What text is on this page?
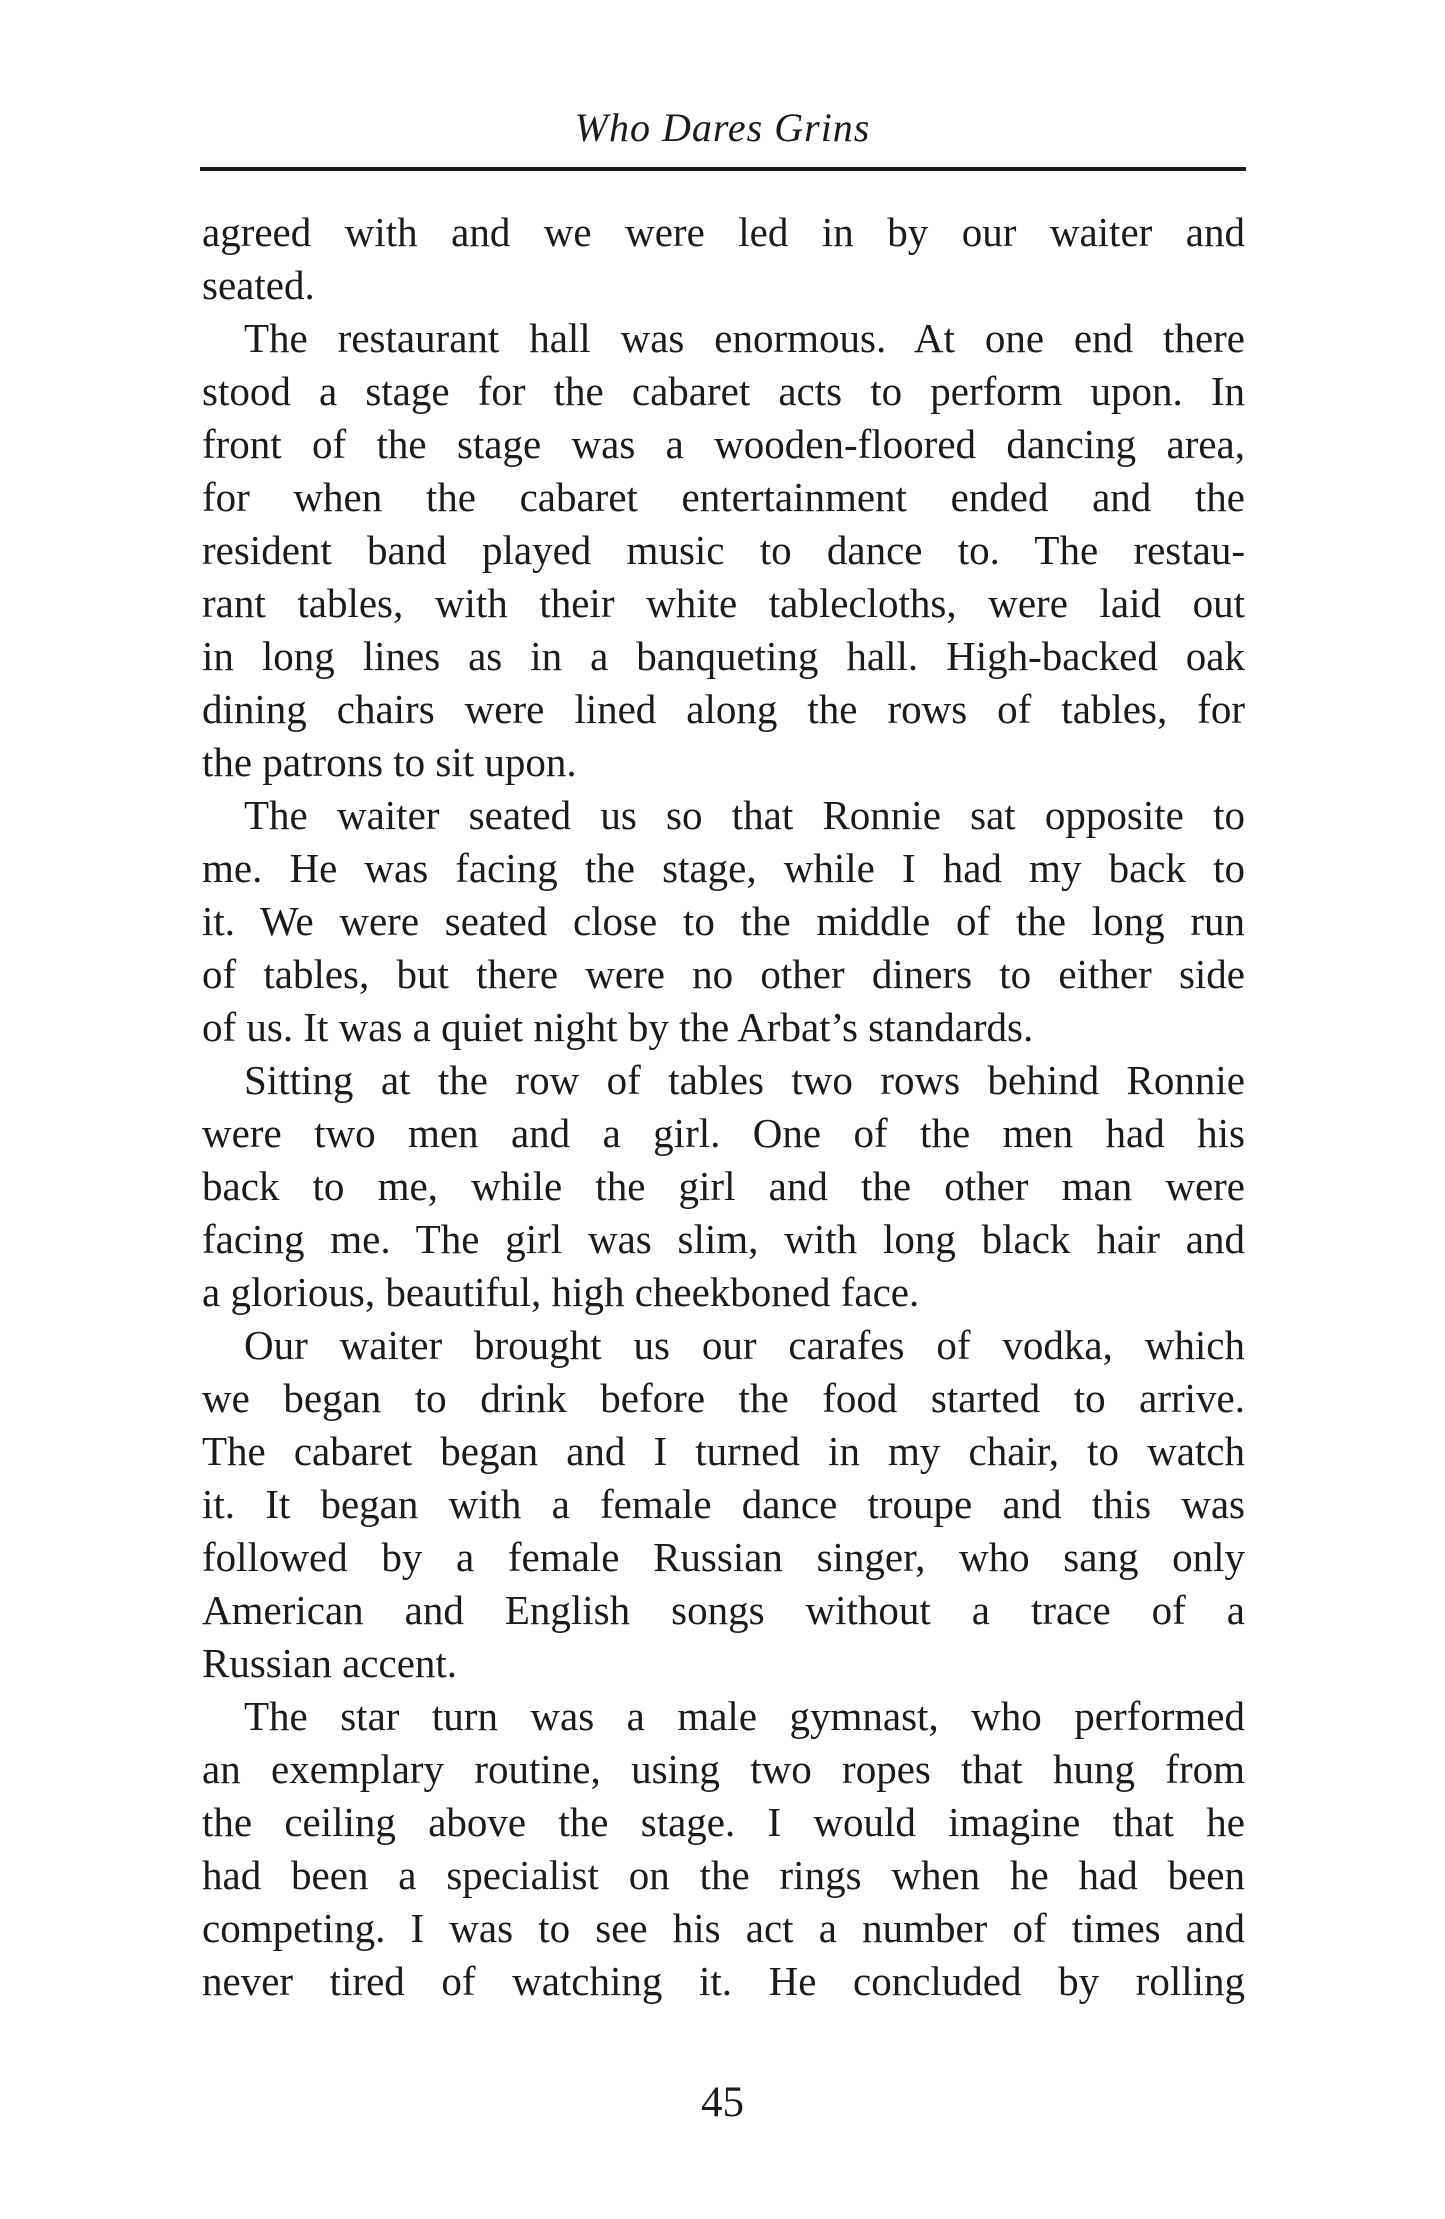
Who Dares Grins
agreed with and we were led in by our waiter and
seated.
The restaurant hall was enormous. At one end there
stood a stage for the cabaret acts to perform upon. In
front of the stage was a wooden-floored dancing area,
for when the cabaret entertainment ended and the
resident band played music to dance to. The restau-
rant tables, with their white tablecloths, were laid out
in long lines as in a banqueting hall. High-backed oak
dining chairs were lined along the rows of tables, for
the patrons to sit upon.
The waiter seated us so that Ronnie sat opposite to
me. He was facing the stage, while I had my back to
it. We were seated close to the middle of the long run
of tables, but there were no other diners to either side
of us. It was a quiet night by the Arbat’s standards.
Sitting at the row of tables two rows behind Ronnie
were two men and a girl. One of the men had his
back to me, while the girl and the other man were
facing me. The girl was slim, with long black hair and
a glorious, beautiful, high cheekboned face.
Our waiter brought us our carafes of vodka, which
we began to drink before the food started to arrive.
The cabaret began and I turned in my chair, to watch
it. It began with a female dance troupe and this was
followed by a female Russian singer, who sang only
American and English songs without a trace of a
Russian accent.
The star turn was a male gymnast, who performed
an exemplary routine, using two ropes that hung from
the ceiling above the stage. I would imagine that he
had been a specialist on the rings when he had been
competing. I was to see his act a number of times and
never tired of watching it. He concluded by rolling
45
